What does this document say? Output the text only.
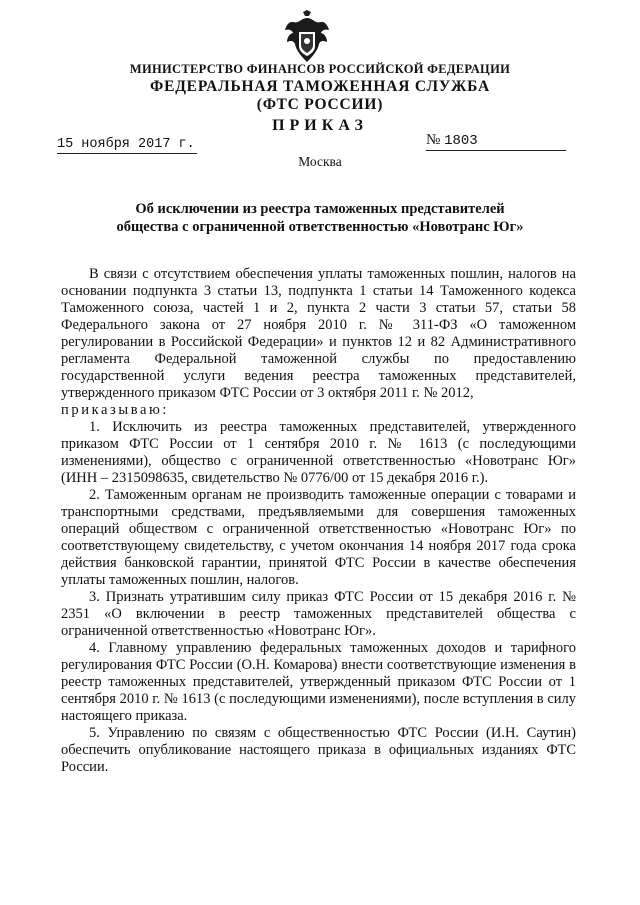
МИНИСТЕРСТВО ФИНАНСОВ РОССИЙСКОЙ ФЕДЕРАЦИИ
ФЕДЕРАЛЬНАЯ ТАМОЖЕННАЯ СЛУЖБА
(ФТС РОССИИ)
ПРИКАЗ
15 ноября 2017 г.	№ 1803
Москва
Об исключении из реестра таможенных представителей
общества с ограниченной ответственностью «Новотранс Юг»

В связи с отсутствием обеспечения уплаты таможенных пошлин, налогов на основании подпункта 3 статьи 13, подпункта 1 статьи 14 Таможенного кодекса Таможенного союза, частей 1 и 2, пункта 2 части 3 статьи 57, статьи 58 Федерального закона от 27 ноября 2010 г. № 311-ФЗ «О таможенном регулировании в Российской Федерации» и пунктов 12 и 82 Административного регламента Федеральной таможенной службы по предоставлению государственной услуги ведения реестра таможенных представителей, утвержденного приказом ФТС России от 3 октября 2011 г. № 2012,

приказываю:

1. Исключить из реестра таможенных представителей, утвержденного приказом ФТС России от 1 сентября 2010 г. № 1613 (с последующими изменениями), общество с ограниченной ответственностью «Новотранс Юг» (ИНН – 2315098635, свидетельство № 0776/00 от 15 декабря 2016 г.).

2. Таможенным органам не производить таможенные операции с товарами и транспортными средствами, предъявляемыми для совершения таможенных операций обществом с ограниченной ответственностью «Новотранс Юг» по соответствующему свидетельству, с учетом окончания 14 ноября 2017 года срока действия банковской гарантии, принятой ФТС России в качестве обеспечения уплаты таможенных пошлин, налогов.

3. Признать утратившим силу приказ ФТС России от 15 декабря 2016 г. № 2351 «О включении в реестр таможенных представителей общества с ограниченной ответственностью «Новотранс Юг».

4. Главному управлению федеральных таможенных доходов и тарифного регулирования ФТС России (О.Н. Комарова) внести соответствующие изменения в реестр таможенных представителей, утвержденный приказом ФТС России от 1 сентября 2010 г. № 1613 (с последующими изменениями), после вступления в силу настоящего приказа.

5. Управлению по связям с общественностью ФТС России (И.Н. Саутин) обеспечить опубликование настоящего приказа в официальных изданиях ФТС России.
